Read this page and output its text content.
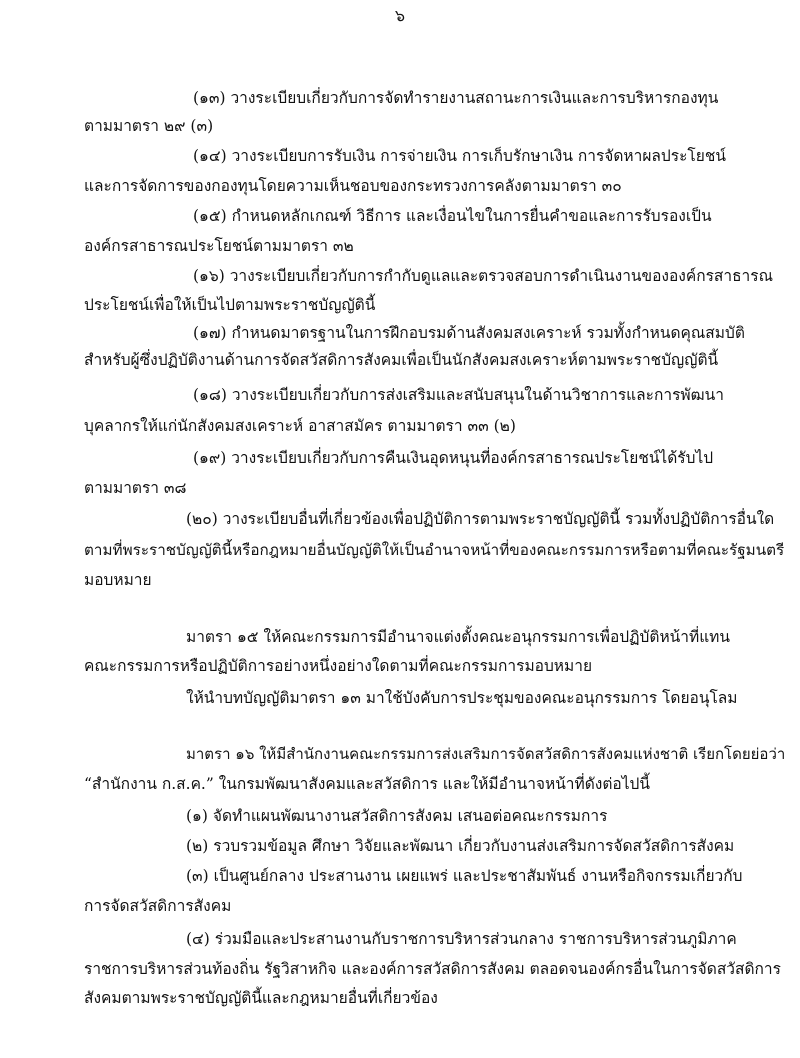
๖
(๑๓) วางระเบียบเกี่ยวกับการจัดทำรายงานสถานะการเงินและการบริหารกองทุน
ตามมาตรา ๒๙ (๓)
(๑๔) วางระเบียบการรับเงิน การจ่ายเงิน การเก็บรักษาเงิน การจัดหาผลประโยชน์
และการจัดการของกองทุนโดยความเห็นชอบของกระทรวงการคลังตามมาตรา ๓๐
(๑๕) กำหนดหลักเกณฑ์ วิธีการ และเงื่อนไขในการยื่นคำขอและการรับรองเป็น
องค์กรสาธารณประโยชน์ตามมาตรา ๓๒
(๑๖) วางระเบียบเกี่ยวกับการกำกับดูแลและตรวจสอบการดำเนินงานขององค์กรสาธารณ
ประโยชน์เพื่อให้เป็นไปตามพระราชบัญญัตินี้
(๑๗) กำหนดมาตรฐานในการฝึกอบรมด้านสังคมสงเคราะห์ รวมทั้งกำหนดคุณสมบัติ
สำหรับผู้ซึ่งปฏิบัติงานด้านการจัดสวัสดิการสังคมเพื่อเป็นนักสังคมสงเคราะห์ตามพระราชบัญญัตินี้
(๑๘) วางระเบียบเกี่ยวกับการส่งเสริมและสนับสนุนในด้านวิชาการและการพัฒนา
บุคลากรให้แก่นักสังคมสงเคราะห์ อาสาสมัคร ตามมาตรา ๓๓ (๒)
(๑๙) วางระเบียบเกี่ยวกับการคืนเงินอุดหนุนที่องค์กรสาธารณประโยชน์ได้รับไป
ตามมาตรา ๓๘
(๒๐) วางระเบียบอื่นที่เกี่ยวข้องเพื่อปฏิบัติการตามพระราชบัญญัตินี้ รวมทั้งปฏิบัติการอื่นใด
ตามที่พระราชบัญญัตินี้หรือกฎหมายอื่นบัญญัติให้เป็นอำนาจหน้าที่ของคณะกรรมการหรือตามที่คณะรัฐมนตรี
มอบหมาย
มาตรา ๑๕ ให้คณะกรรมการมีอำนาจแต่งตั้งคณะอนุกรรมการเพื่อปฏิบัติหน้าที่แทน
คณะกรรมการหรือปฏิบัติการอย่างหนึ่งอย่างใดตามที่คณะกรรมการมอบหมาย
ให้นำบทบัญญัติมาตรา ๑๓ มาใช้บังคับการประชุมของคณะอนุกรรมการ โดยอนุโลม
มาตรา ๑๖ ให้มีสำนักงานคณะกรรมการส่งเสริมการจัดสวัสดิการสังคมแห่งชาติ เรียกโดยย่อว่า
“สำนักงาน ก.ส.ค.” ในกรมพัฒนาสังคมและสวัสดิการ และให้มีอำนาจหน้าที่ดังต่อไปนี้
(๑) จัดทำแผนพัฒนางานสวัสดิการสังคม เสนอต่อคณะกรรมการ
(๒) รวบรวมข้อมูล ศึกษา วิจัยและพัฒนา เกี่ยวกับงานส่งเสริมการจัดสวัสดิการสังคม
(๓) เป็นศูนย์กลาง ประสานงาน เผยแพร่ และประชาสัมพันธ์ งานหรือกิจกรรมเกี่ยวกับ
การจัดสวัสดิการสังคม
(๔) ร่วมมือและประสานงานกับราชการบริหารส่วนกลาง ราชการบริหารส่วนภูมิภาค
ราชการบริหารส่วนท้องถิ่น รัฐวิสาหกิจ และองค์การสวัสดิการสังคม ตลอดจนองค์กรอื่นในการจัดสวัสดิการ
สังคมตามพระราชบัญญัตินี้และกฎหมายอื่นที่เกี่ยวข้อง
